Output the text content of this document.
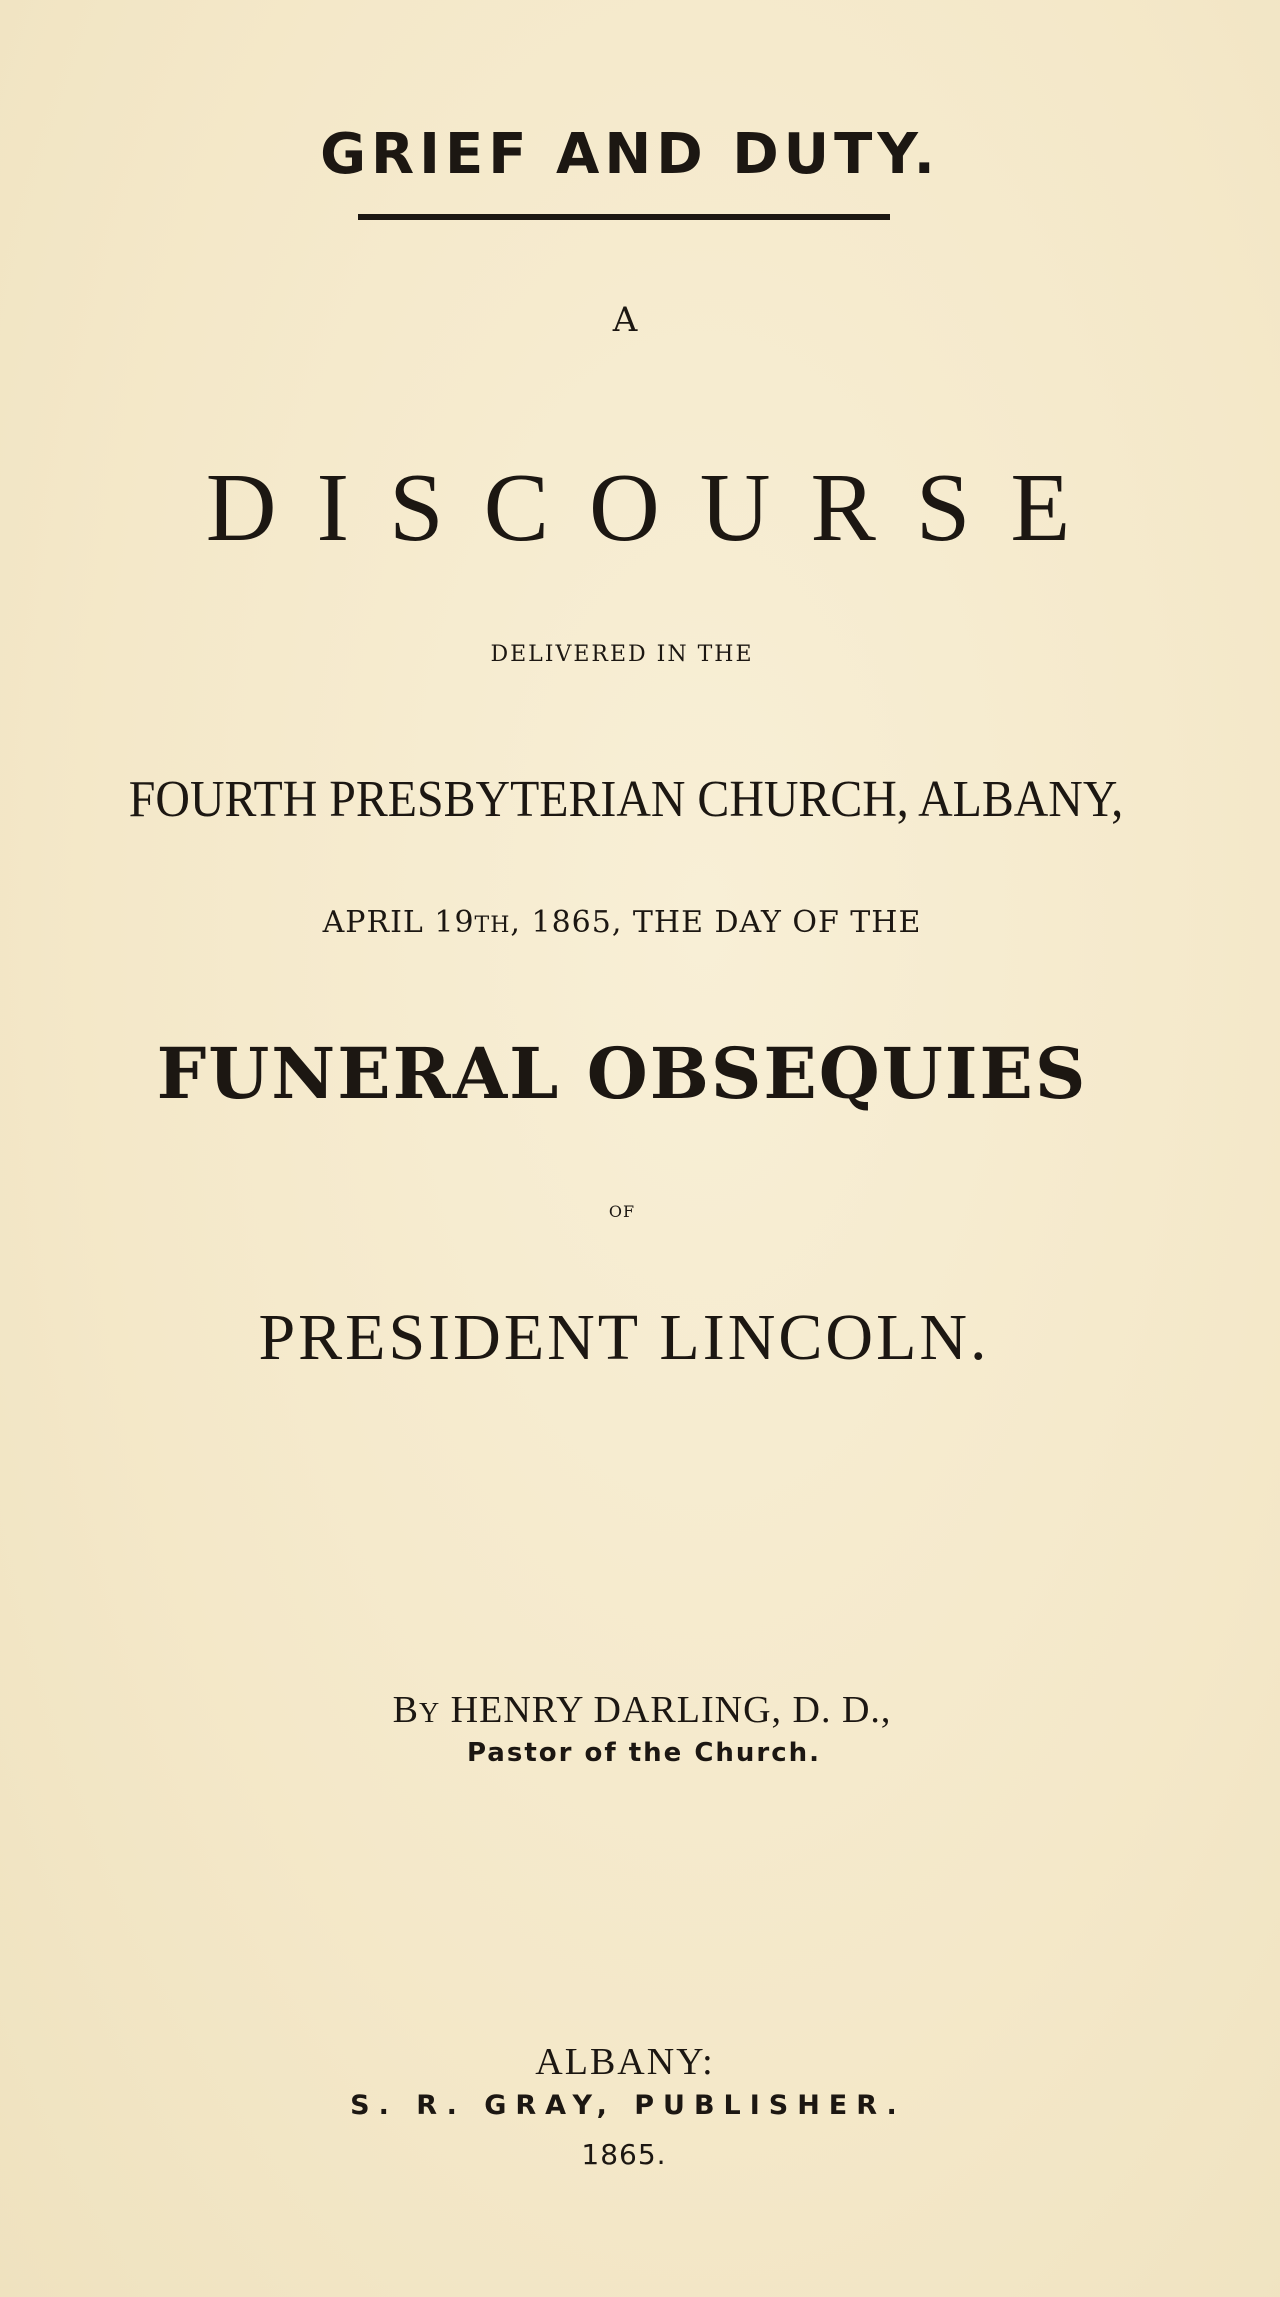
GRIEF AND DUTY.
A
DISCOURSE
DELIVERED IN THE
FOURTH PRESBYTERIAN CHURCH, ALBANY,
APRIL 19TH, 1865, THE DAY OF THE
FUNERAL OBSEQUIES
OF
PRESIDENT LINCOLN.
BY HENRY DARLING, D. D.,
Pastor of the Church.
ALBANY:
S. R. GRAY, PUBLISHER.
1865.
